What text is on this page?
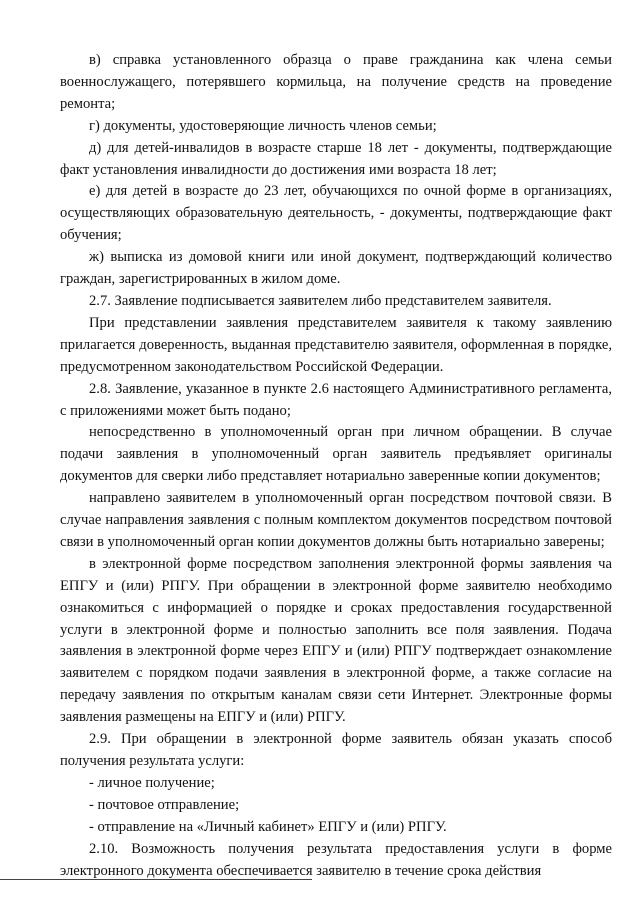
в) справка установленного образца о праве гражданина как члена семьи военнослужащего, потерявшего кормильца, на получение средств на проведение ремонта;

г) документы, удостоверяющие личность членов семьи;

д) для детей-инвалидов в возрасте старше 18 лет - документы, подтверждающие факт установления инвалидности до достижения ими возраста 18 лет;

е) для детей в возрасте до 23 лет, обучающихся по очной форме в организациях, осуществляющих образовательную деятельность, - документы, подтверждающие факт обучения;

ж) выписка из домовой книги или иной документ, подтверждающий количество граждан, зарегистрированных в жилом доме.

2.7. Заявление подписывается заявителем либо представителем заявителя.

При представлении заявления представителем заявителя к такому заявлению прилагается доверенность, выданная представителю заявителя, оформленная в порядке, предусмотренном законодательством Российской Федерации.

2.8. Заявление, указанное в пункте 2.6 настоящего Административного регламента, с приложениями может быть подано;

непосредственно в уполномоченный орган при личном обращении. В случае подачи заявления в уполномоченный орган заявитель предъявляет оригиналы документов для сверки либо представляет нотариально заверенные копии документов;

направлено заявителем в уполномоченный орган посредством почтовой связи. В случае направления заявления с полным комплектом документов посредством почтовой связи в уполномоченный орган копии документов должны быть нотариально заверены;

в электронной форме посредством заполнения электронной формы заявления ча ЕПГУ и (или) РПГУ. При обращении в электронной форме заявителю необходимо ознакомиться с информацией о порядке и сроках предоставления государственной услуги в электронной форме и полностью заполнить все поля заявления. Подача заявления в электронной форме через ЕПГУ и (или) РПГУ подтверждает ознакомление заявителем с порядком подачи заявления в электронной форме, а также согласие на передачу заявления по открытым каналам связи сети Интернет. Электронные формы заявления размещены на ЕПГУ и (или) РПГУ.

2.9. При обращении в электронной форме заявитель обязан указать способ получения результата услуги:

- личное получение;

- почтовое отправление;

- отправление на «Личный кабинет» ЕПГУ и (или) РПГУ.

2.10. Возможность получения результата предоставления услуги в форме электронного документа обеспечивается заявителю в течение срока действия
